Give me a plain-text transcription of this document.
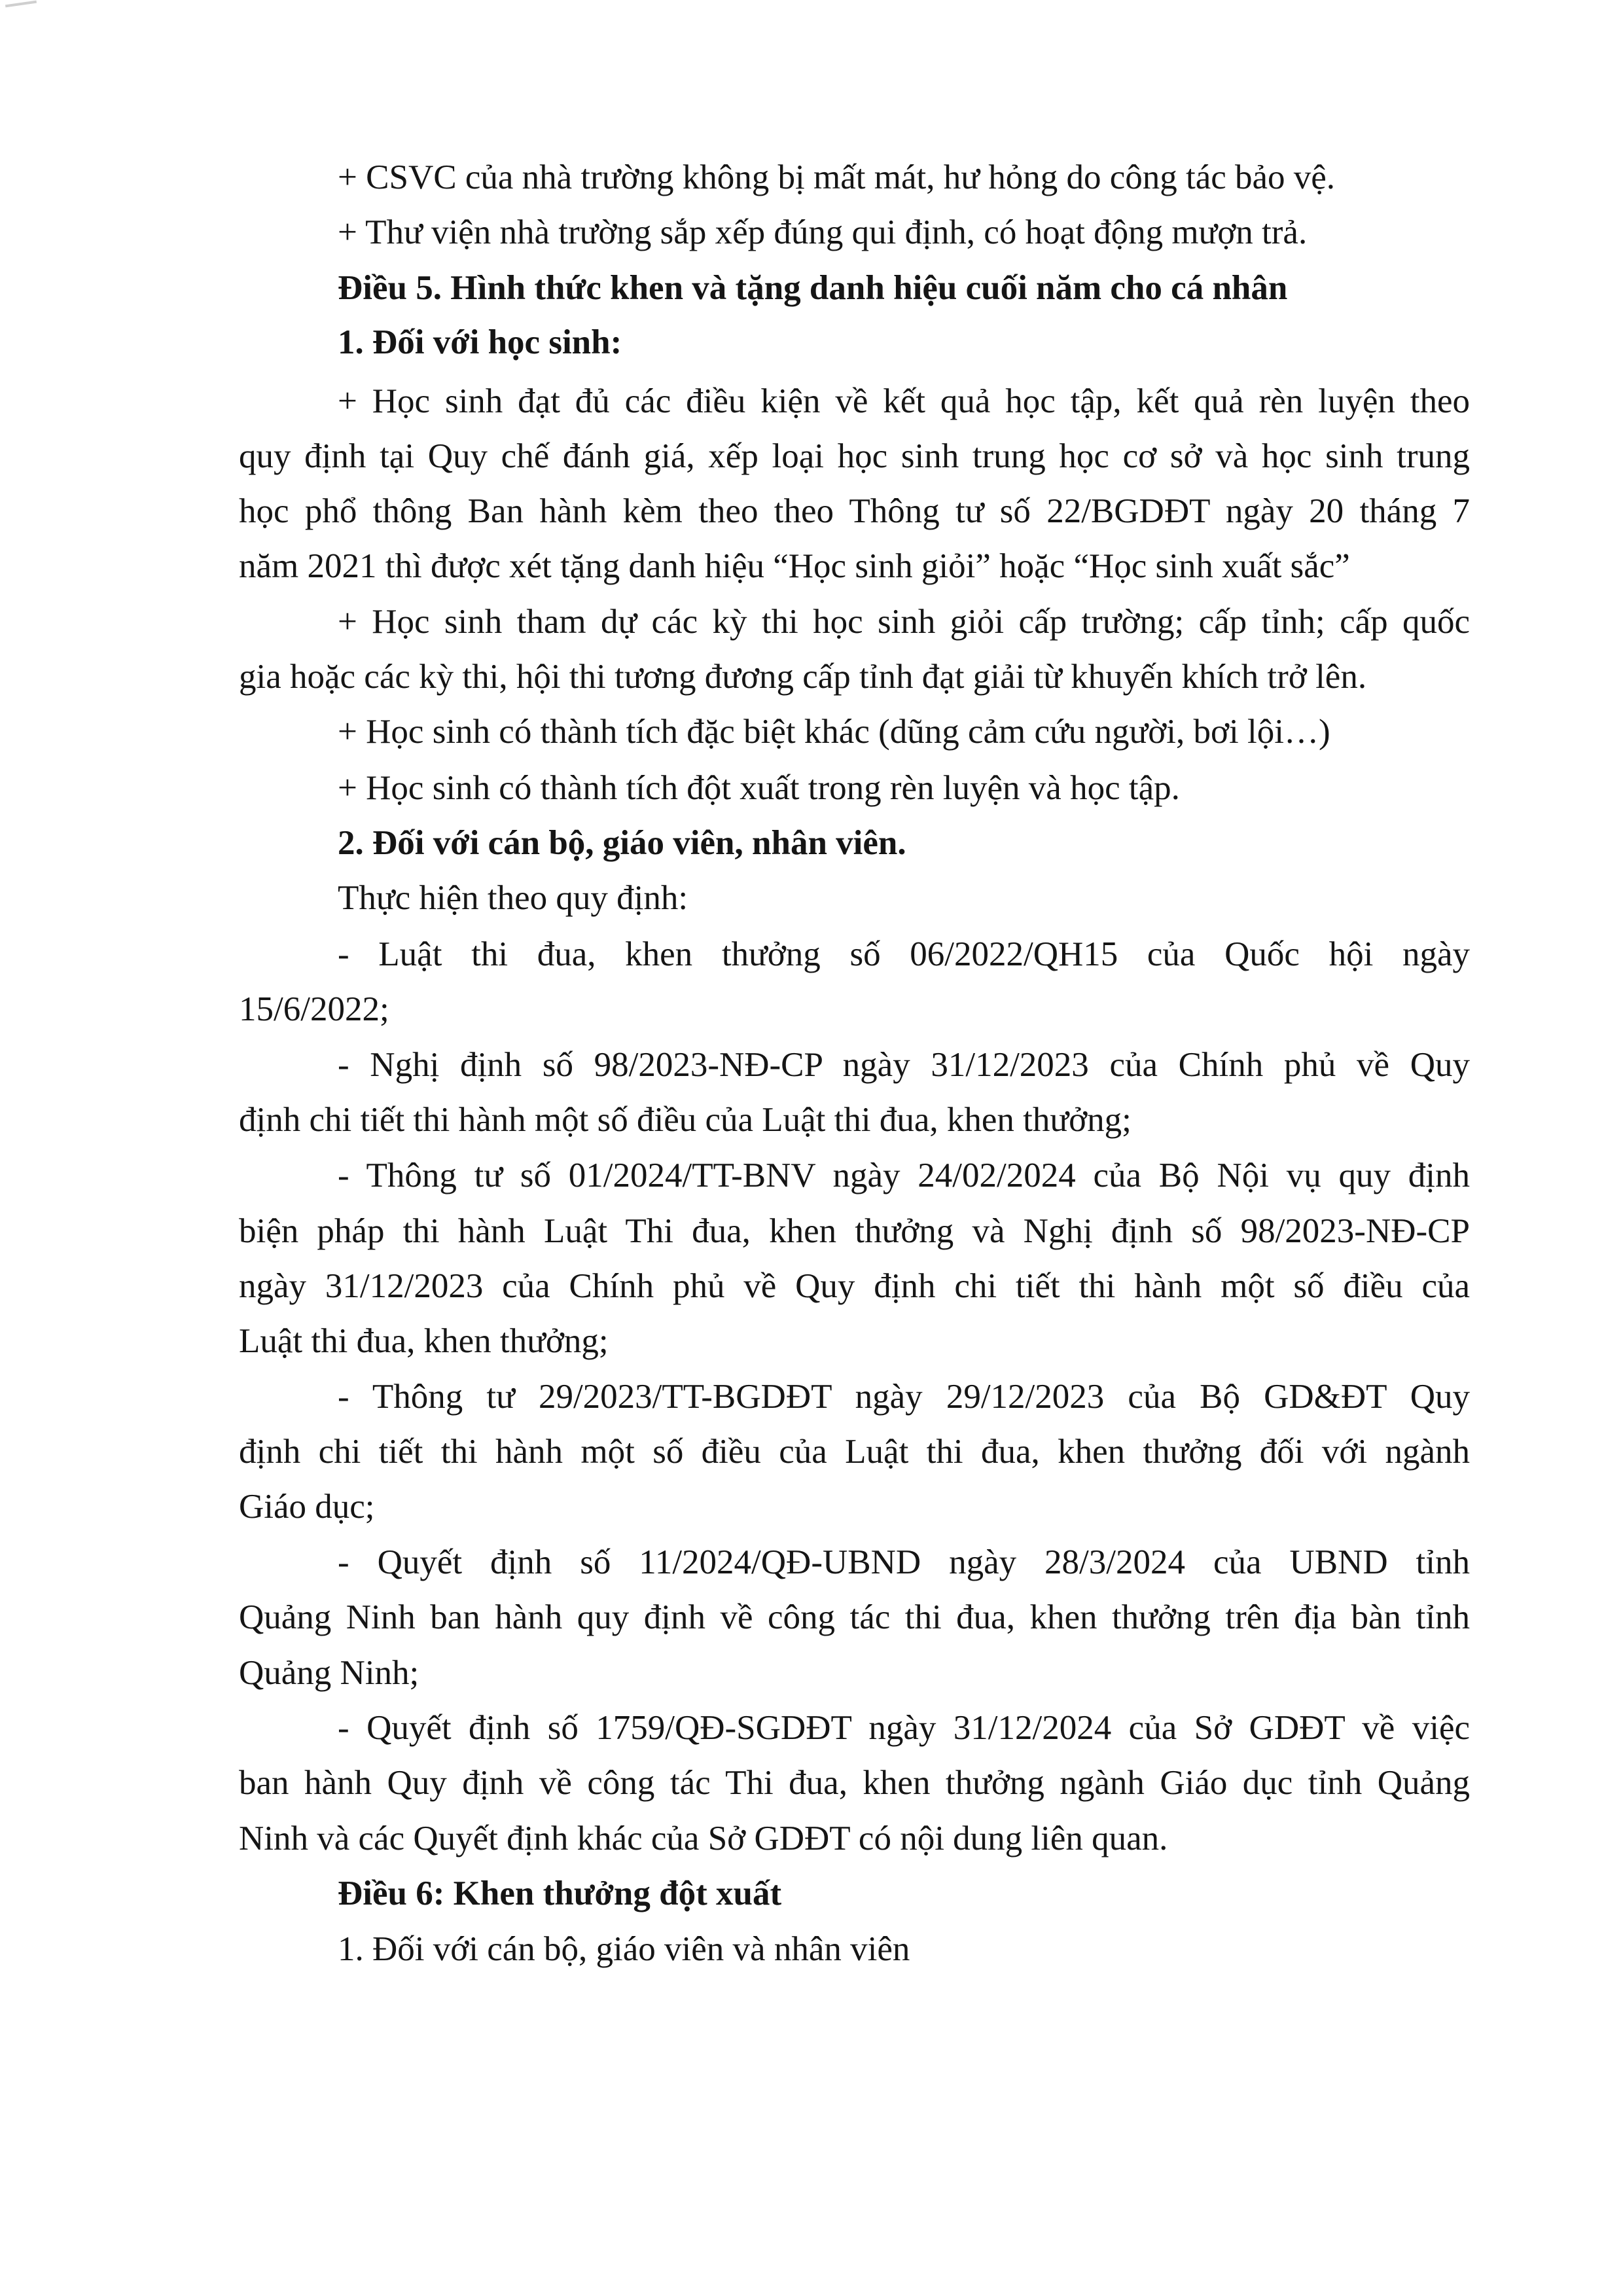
+ CSVC của nhà trường không bị mất mát, hư hỏng do công tác bảo vệ.

+ Thư viện nhà trường sắp xếp đúng qui định, có hoạt động mượn trả.

Điều 5. Hình thức khen và tặng danh hiệu cuối năm cho cá nhân

1. Đối với học sinh:

+ Học sinh đạt đủ các điều kiện về kết quả học tập, kết quả rèn luyện theo

quy định tại Quy chế đánh giá, xếp loại học sinh trung học cơ sở và học sinh trung

học phổ thông Ban hành kèm theo theo Thông tư số 22/BGDĐT ngày 20 tháng 7

năm 2021 thì được xét tặng danh hiệu “Học sinh giỏi” hoặc “Học sinh xuất sắc”

+ Học sinh tham dự các kỳ thi học sinh giỏi cấp trường; cấp tỉnh; cấp quốc

gia hoặc các kỳ thi, hội thi tương đương cấp tỉnh đạt giải từ khuyến khích trở lên.

+ Học sinh có thành tích đặc biệt khác (dũng cảm cứu người, bơi lội…)

+ Học sinh có thành tích đột xuất trong rèn luyện và học tập.

2. Đối với cán bộ, giáo viên, nhân viên.

Thực hiện theo quy định:

- Luật thi đua, khen thưởng số 06/2022/QH15 của Quốc hội ngày

15/6/2022;

- Nghị định số 98/2023-NĐ-CP ngày 31/12/2023 của Chính phủ về Quy

định chi tiết thi hành một số điều của Luật thi đua, khen thưởng;

- Thông tư số 01/2024/TT-BNV ngày 24/02/2024 của Bộ Nội vụ quy định

biện pháp thi hành Luật Thi đua, khen thưởng và Nghị định số 98/2023-NĐ-CP

ngày 31/12/2023 của Chính phủ về Quy định chi tiết thi hành một số điều của

Luật thi đua, khen thưởng;

- Thông tư 29/2023/TT-BGDĐT ngày 29/12/2023 của Bộ GD&ĐT Quy

định chi tiết thi hành một số điều của Luật thi đua, khen thưởng đối với ngành

Giáo dục;

- Quyết định số 11/2024/QĐ-UBND ngày 28/3/2024 của UBND tỉnh

Quảng Ninh ban hành quy định về công tác thi đua, khen thưởng trên địa bàn tỉnh

Quảng Ninh;

- Quyết định số 1759/QĐ-SGDĐT ngày 31/12/2024 của Sở GDĐT về việc

ban hành Quy định về công tác Thi đua, khen thưởng ngành Giáo dục tỉnh Quảng

Ninh và các Quyết định khác của Sở GDĐT có nội dung liên quan.

Điều 6: Khen thưởng đột xuất

1. Đối với cán bộ, giáo viên và nhân viên
